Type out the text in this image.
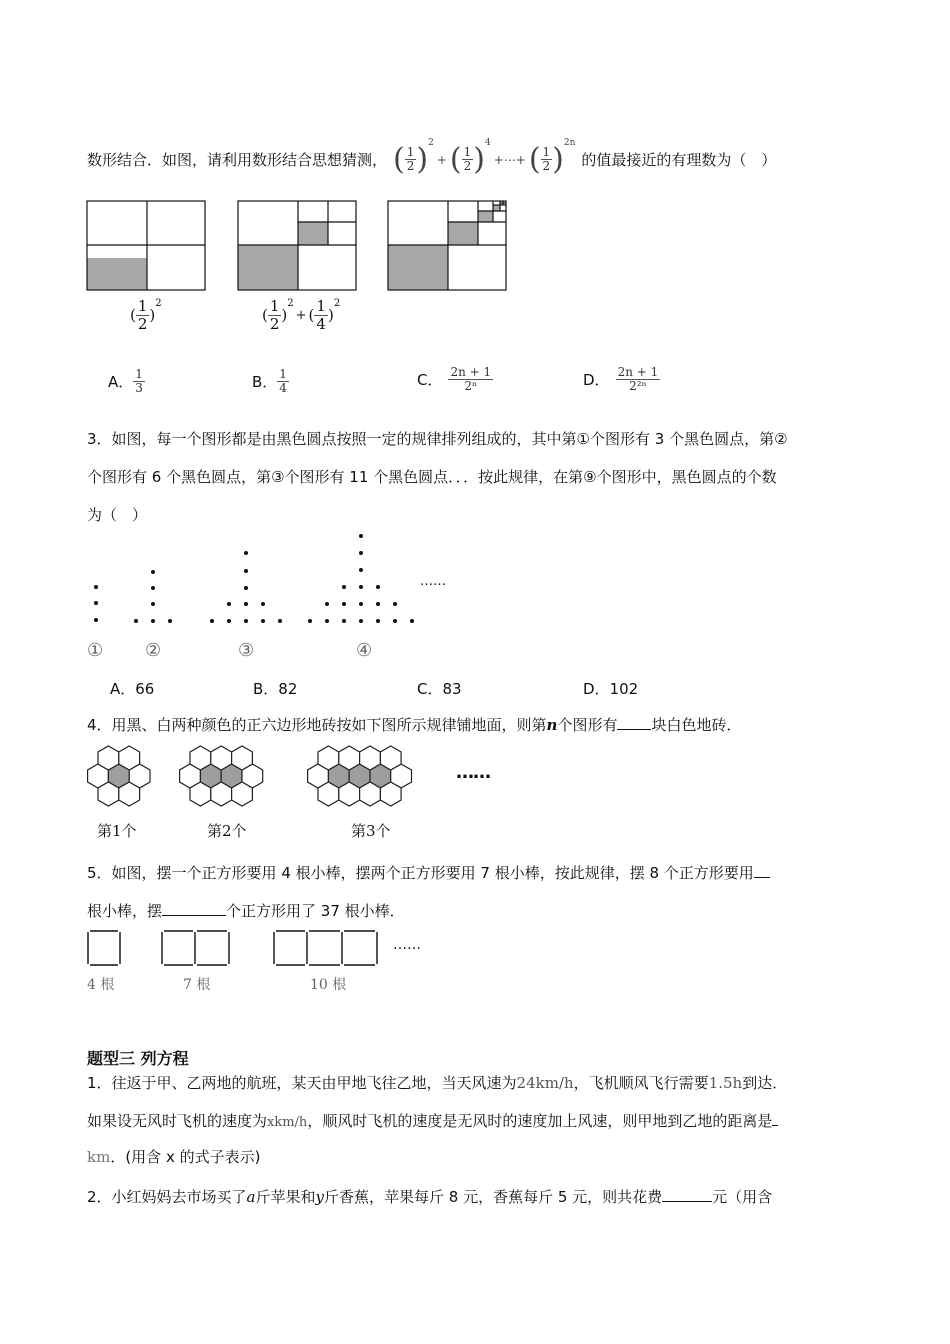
数形结合．如图，请利用数形结合思想猜测， ( $\frac{1}{2} )^2$
+ ( $\frac{1}{2} )^4$
+⋯+ ( $\frac{1}{2} )^{2n}$
的值最接近的有理数为（　）
( $\frac{1}{2}$ )
$^2$
( $\frac{1}{2}$ )
$^2$
+ ( $\frac{1}{4}$ )
$^2$
A． $\frac{1}{3}$	B． $\frac{1}{4}$	C． $\frac{2n + 1}{\text{2ⁿ}}$	D． $\frac{2n + 1}{\text{2²ⁿ}}$
3．如图，每一个图形都是由黑色圆点按照一定的规律排列组成的，其中第①个图形有 3 个黑色圆点，第②
个图形有 6 个黑色圆点，第③个图形有 11 个黑色圆点．．．按此规律，在第⑨个图形中，黑色圆点的个数
为（　）
……
① ②	③	④
A．66	B．82	C．83	D．102
4．用黑、白两种颜色的正六边形地砖按如下图所示规律铺地面，则第n个图形有 块白色地砖．
……
第1个	第2个	第3个
5．如图，摆一个正方形要用 4 根小棒，摆两个正方形要用 7 根小棒，按此规律，摆 8 个正方形要用
根小棒，摆	个正方形用了 37 根小棒．
……
4 根	7 根	10 根
题型三 列方程
1．往返于甲、乙两地的航班，某天由甲地飞往乙地，当天风速为24km/h，飞机顺风飞行需要1.5h到达．
如果设无风时飞机的速度为xkm/h，顺风时飞机的速度是无风时的速度加上风速，则甲地到乙地的距离是
km．(用含 x 的式子表示)
2．小红妈妈去市场买了a斤苹果和y斤香蕉，苹果每斤 8 元，香蕉每斤 5 元，则共花费	元（用含
